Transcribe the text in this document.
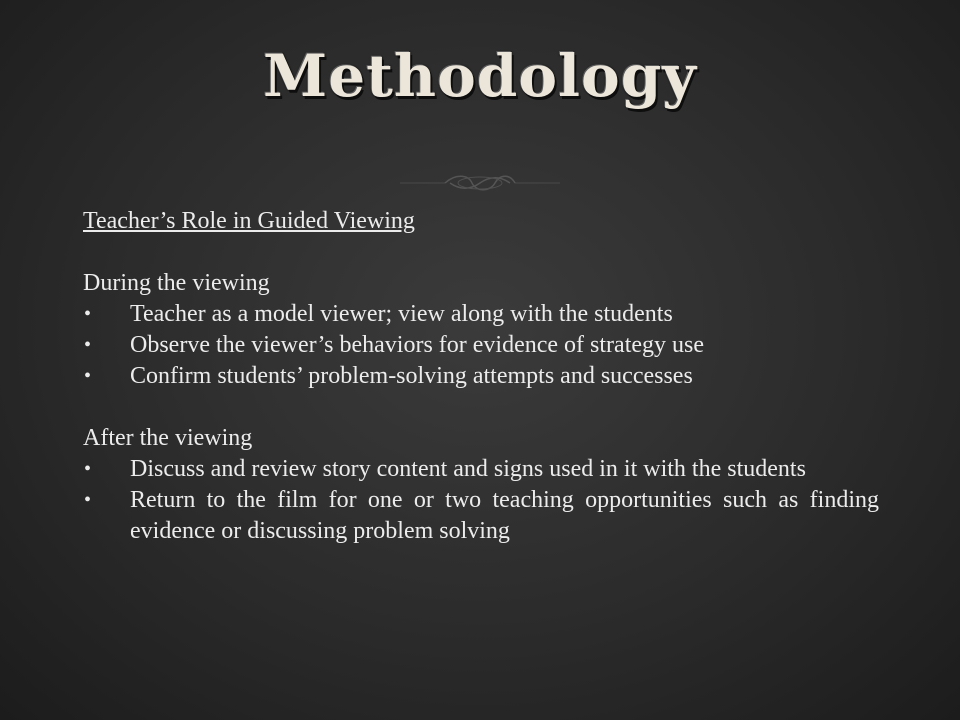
Methodology

Teacher’s Role in Guided Viewing

During the viewing

• Teacher as a model viewer; view along with the students
• Observe the viewer’s behaviors for evidence of strategy use
• Confirm students’ problem-solving attempts and successes

After the viewing

• Discuss and review story content and signs used in it with the students
• Return to the film for one or two teaching opportunities such as finding evidence or discussing problem solving
